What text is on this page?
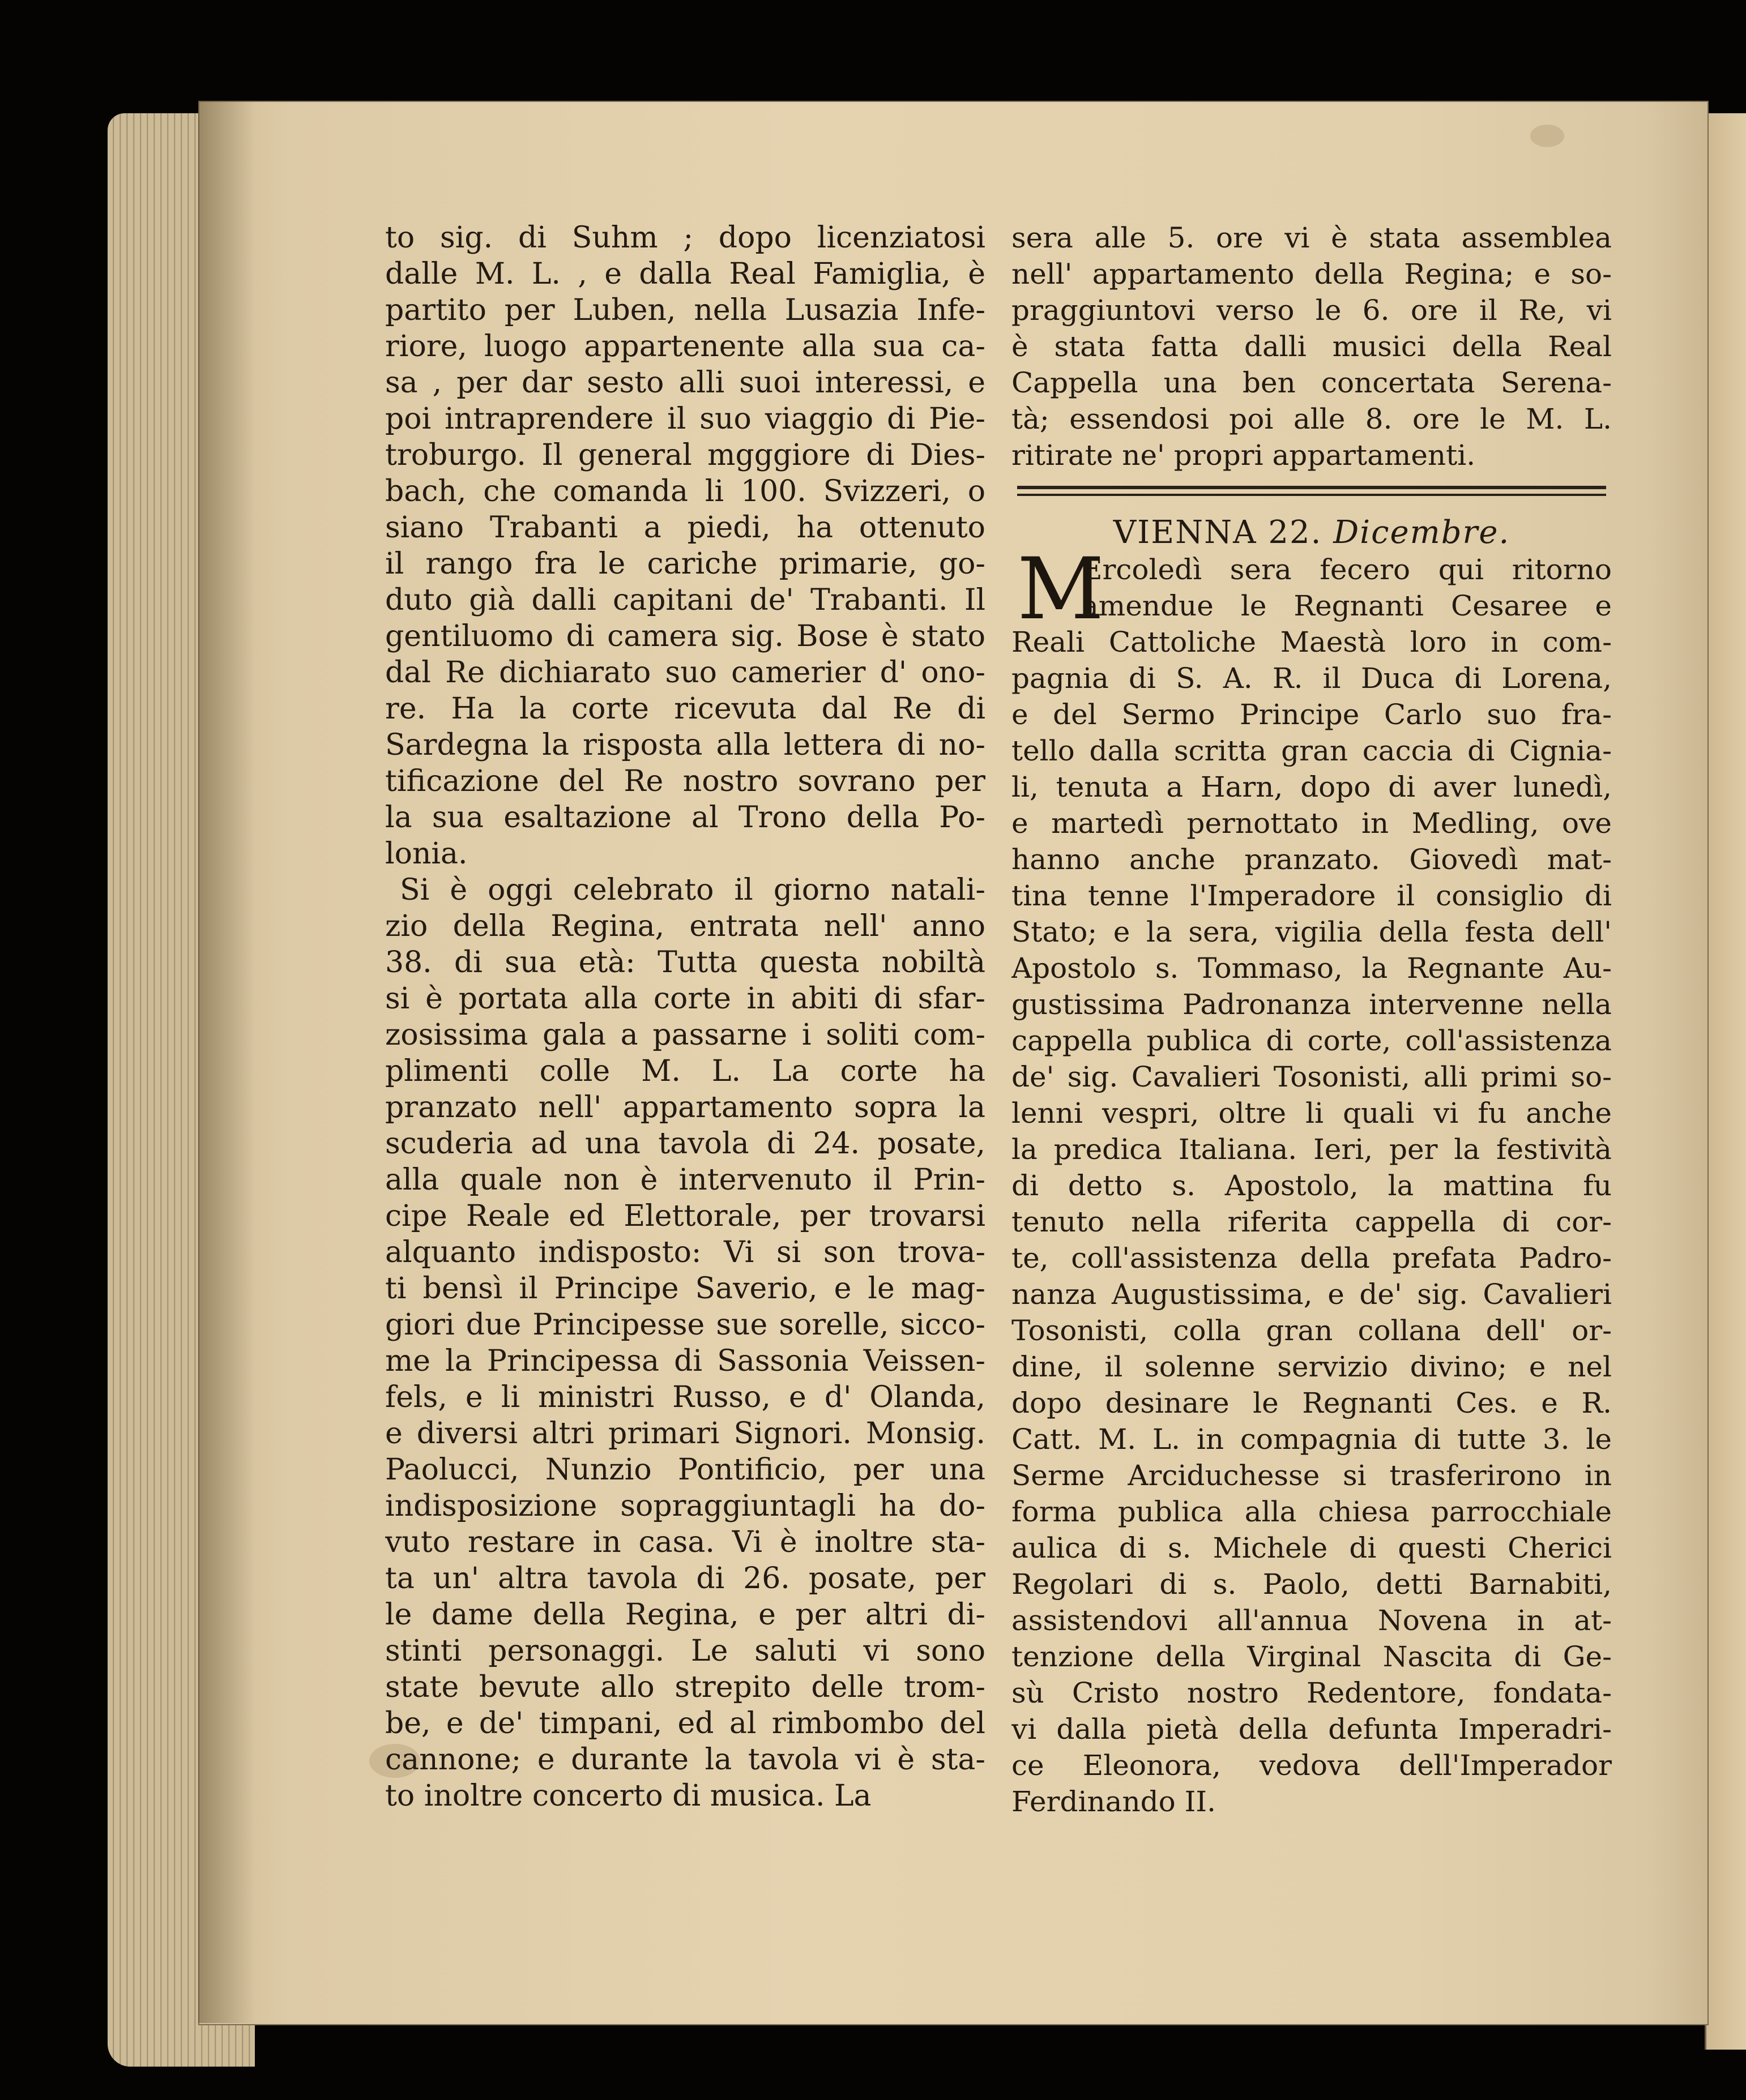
to sig. di Suhm ; dopo licenziatosi
dalle M. L. , e dalla Real Famiglia, è
partito per Luben, nella Lusazia Infe-
riore, luogo appartenente alla sua ca-
sa , per dar sesto alli suoi interessi, e
poi intraprendere il suo viaggio di Pie-
troburgo. Il general mgggiore di Dies-
bach, che comanda li 100. Svizzeri, o
siano Trabanti a piedi, ha ottenuto
il rango fra le cariche primarie, go-
duto già dalli capitani de' Trabanti. Il
gentiluomo di camera sig. Bose è stato
dal Re dichiarato suo camerier d' ono-
re. Ha la corte ricevuta dal Re di
Sardegna la risposta alla lettera di no-
tificazione del Re nostro sovrano per
la sua esaltazione al Trono della Po-
lonia.
Si è oggi celebrato il giorno natali-
zio della Regina, entrata nell' anno
38. di sua età: Tutta questa nobiltà
si è portata alla corte in abiti di sfar-
zosissima gala a passarne i soliti com-
plimenti colle M. L. La corte ha
pranzato nell' appartamento sopra la
scuderia ad una tavola di 24. posate,
alla quale non è intervenuto il Prin-
cipe Reale ed Elettorale, per trovarsi
alquanto indisposto: Vi si son trova-
ti bensì il Principe Saverio, e le mag-
giori due Principesse sue sorelle, sicco-
me la Principessa di Sassonia Veissen-
fels, e li ministri Russo, e d' Olanda,
e diversi altri primari Signori. Monsig.
Paolucci, Nunzio Pontificio, per una
indisposizione sopraggiuntagli ha do-
vuto restare in casa. Vi è inoltre sta-
ta un' altra tavola di 26. posate, per
le dame della Regina, e per altri di-
stinti personaggi. Le saluti vi sono
state bevute allo strepito delle trom-
be, e de' timpani, ed al rimbombo del
cannone; e durante la tavola vi è sta-
to inoltre concerto di musica. La
sera alle 5. ore vi è stata assemblea
nell' appartamento della Regina; e so-
praggiuntovi verso le 6. ore il Re, vi
è stata fatta dalli musici della Real
Cappella una ben concertata Serena-
tà; essendosi poi alle 8. ore le M. L.
ritirate ne' propri appartamenti.
VIENNA 22. Dicembre.
M
Ercoledì sera fecero qui ritorno
amendue le Regnanti Cesaree e
Reali Cattoliche Maestà loro in com-
pagnia di S. A. R. il Duca di Lorena,
e del Sermo Principe Carlo suo fra-
tello dalla scritta gran caccia di Cignia-
li, tenuta a Harn, dopo di aver lunedì,
e martedì pernottato in Medling, ove
hanno anche pranzato. Giovedì mat-
tina tenne l'Imperadore il consiglio di
Stato; e la sera, vigilia della festa dell'
Apostolo s. Tommaso, la Regnante Au-
gustissima Padronanza intervenne nella
cappella publica di corte, coll'assistenza
de' sig. Cavalieri Tosonisti, alli primi so-
lenni vespri, oltre li quali vi fu anche
la predica Italiana. Ieri, per la festività
di detto s. Apostolo, la mattina fu
tenuto nella riferita cappella di cor-
te, coll'assistenza della prefata Padro-
nanza Augustissima, e de' sig. Cavalieri
Tosonisti, colla gran collana dell' or-
dine, il solenne servizio divino; e nel
dopo desinare le Regnanti Ces. e R.
Catt. M. L. in compagnia di tutte 3. le
Serme Arciduchesse si trasferirono in
forma publica alla chiesa parrocchiale
aulica di s. Michele di questi Cherici
Regolari di s. Paolo, detti Barnabiti,
assistendovi all'annua Novena in at-
tenzione della Virginal Nascita di Ge-
sù Cristo nostro Redentore, fondata-
vi dalla pietà della defunta Imperadri-
ce Eleonora, vedova dell'Imperador
Ferdinando II.
